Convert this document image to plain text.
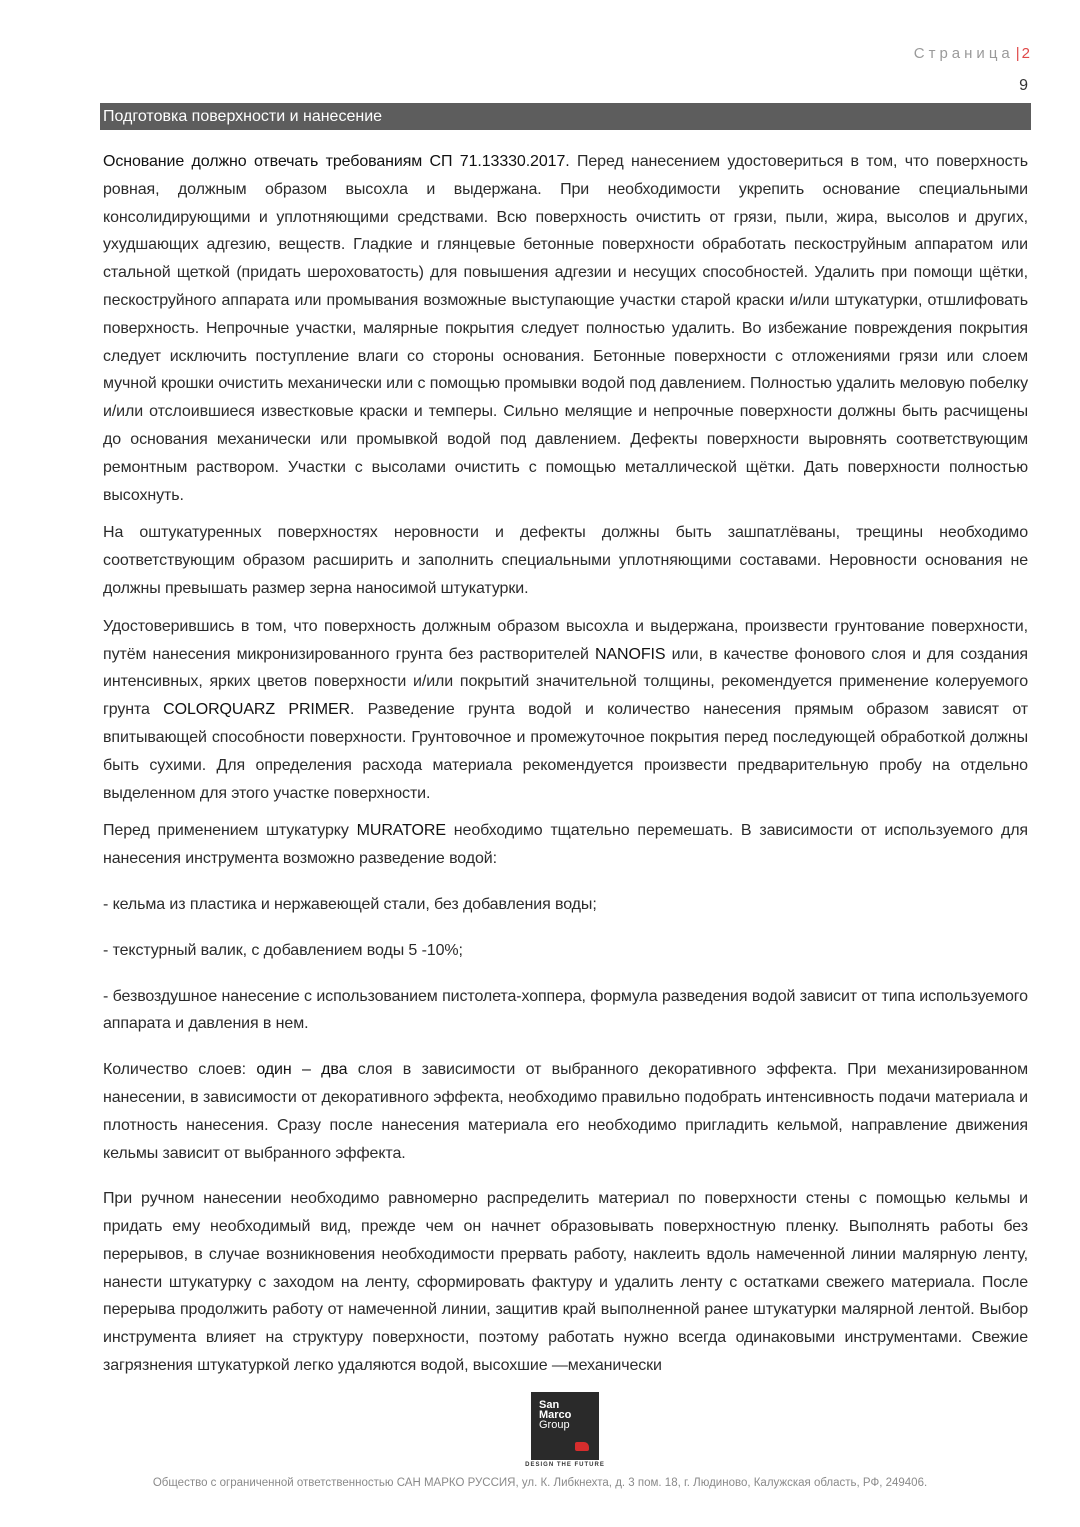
Страница | 2
9
Подготовка поверхности и нанесение

Основание должно отвечать требованиям СП 71.13330.2017. Перед нанесением удостовериться в том, что поверхность ровная, должным образом высохла и выдержана. При необходимости укрепить основание специальными консолидирующими и уплотняющими средствами. Всю поверхность очистить от грязи, пыли, жира, высолов и других, ухудшающих адгезию, веществ. Гладкие и глянцевые бетонные поверхности обработать пескоструйным аппаратом или стальной щеткой (придать шероховатость) для повышения адгезии и несущих способностей. Удалить при помощи щётки, пескоструйного аппарата или промывания возможные выступающие участки старой краски и/или штукатурки, отшлифовать поверхность. Непрочные участки, малярные покрытия следует полностью удалить. Во избежание повреждения покрытия следует исключить поступление влаги со стороны основания. Бетонные поверхности с отложениями грязи или слоем мучной крошки очистить механически или с помощью промывки водой под давлением. Полностью удалить меловую побелку и/или отслоившиеся известковые краски и темперы. Сильно мелящие и непрочные поверхности должны быть расчищены до основания механически или промывкой водой под давлением. Дефекты поверхности выровнять соответствующим ремонтным раствором. Участки с высолами очистить с помощью металлической щётки. Дать поверхности полностью высохнуть.

На оштукатуренных поверхностях неровности и дефекты должны быть зашпатлёваны, трещины необходимо соответствующим образом расширить и заполнить специальными уплотняющими составами. Неровности основания не должны превышать размер зерна наносимой штукатурки.

Удостоверившись в том, что поверхность должным образом высохла и выдержана, произвести грунтование поверхности, путём нанесения микронизированного грунта без растворителей NANOFIS или, в качестве фонового слоя и для создания интенсивных, ярких цветов поверхности и/или покрытий значительной толщины, рекомендуется применение колеруемого грунта COLORQUARZ PRIMER. Разведение грунта водой и количество нанесения прямым образом зависят от впитывающей способности поверхности. Грунтовочное и промежуточное покрытия перед последующей обработкой должны быть сухими. Для определения расхода материала рекомендуется произвести предварительную пробу на отдельно выделенном для этого участке поверхности.

Перед применением штукатурку MURATORE необходимо тщательно перемешать. В зависимости от используемого для нанесения инструмента возможно разведение водой:

- кельма из пластика и нержавеющей стали, без добавления воды;

- текстурный валик, с добавлением воды 5 -10%;

- безвоздушное нанесение с использованием пистолета-хоппера, формула разведения водой зависит от типа используемого аппарата и давления в нем.

Количество слоев: один – два слоя в зависимости от выбранного декоративного эффекта. При механизированном нанесении, в зависимости от декоративного эффекта, необходимо правильно подобрать интенсивность подачи материала и плотность нанесения. Сразу после нанесения материала его необходимо пригладить кельмой, направление движения кельмы зависит от выбранного эффекта.

При ручном нанесении необходимо равномерно распределить материал по поверхности стены с помощью кельмы и придать ему необходимый вид, прежде чем он начнет образовывать поверхностную пленку. Выполнять работы без перерывов, в случае возникновения необходимости прервать работу, наклеить вдоль намеченной линии малярную ленту, нанести штукатурку с заходом на ленту, сформировать фактуру и удалить ленту с остатками свежего материала. После перерыва продолжить работу от намеченной линии, защитив край выполненной ранее штукатурки малярной лентой. Выбор инструмента влияет на структуру поверхности, поэтому работать нужно всегда одинаковыми инструментами. Свежие загрязнения штукатуркой легко удаляются водой, высохшие —механически

San
Marco
Group
DESIGN THE FUTURE
Общество с ограниченной ответственностью САН МАРКО РУССИЯ, ул. К. Либкнехта, д. 3 пом. 18, г. Людиново, Калужская область, РФ, 249406.
